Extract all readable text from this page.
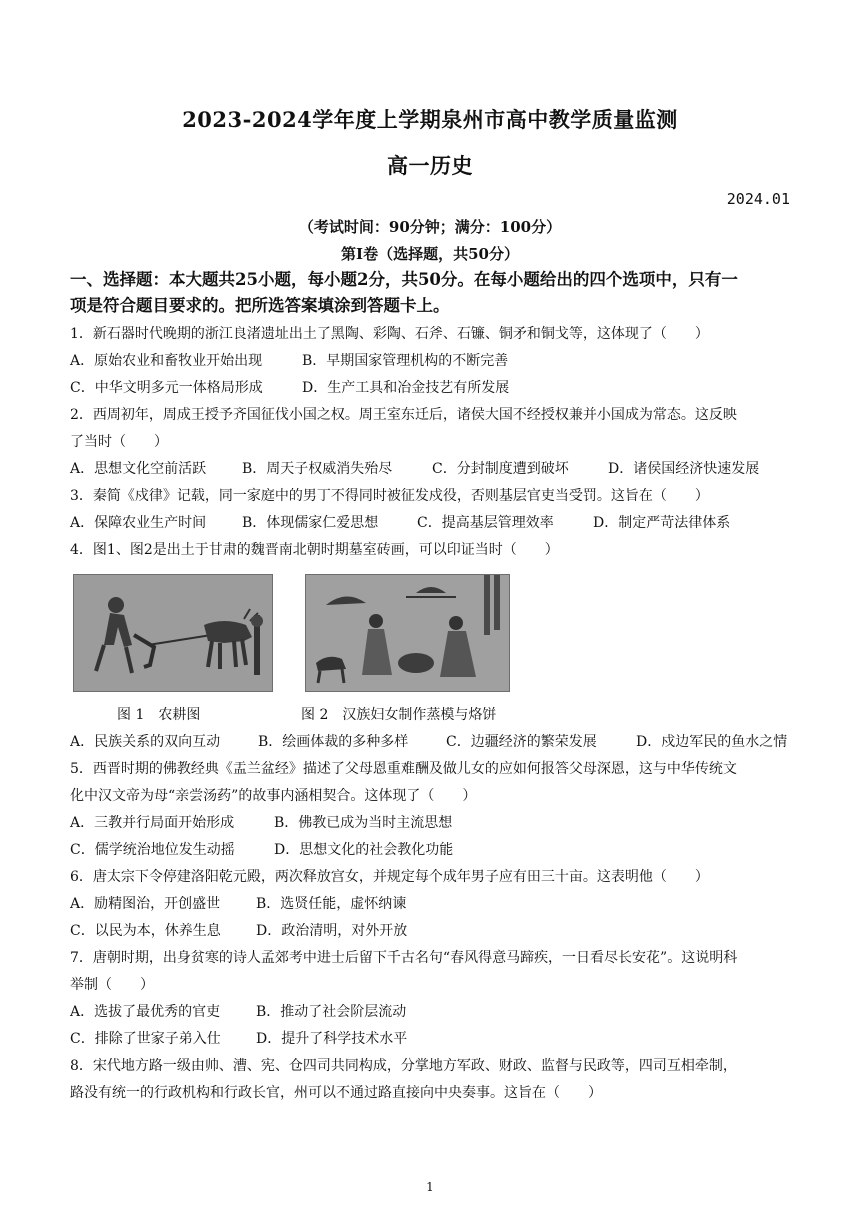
2023-2024学年度上学期泉州市高中教学质量监测
高一历史
2024.01
（考试时间：90分钟；满分：100分）
第Ⅰ卷（选择题，共50分）
一、选择题：本大题共25小题，每小题2分，共50分。在每小题给出的四个选项中，只有一
项是符合题目要求的。把所选答案填涂到答题卡上。
1．新石器时代晚期的浙江良渚遗址出土了黑陶、彩陶、石斧、石镰、铜矛和铜戈等，这体现了（　　）
A．原始农业和畜牧业开始出现	B．早期国家管理机构的不断完善
C．中华文明多元一体格局形成	D．生产工具和冶金技艺有所发展
2．西周初年，周成王授予齐国征伐小国之权。周王室东迁后，诸侯大国不经授权兼并小国成为常态。这反映
了当时（　　）
A．思想文化空前活跃	B．周天子权威消失殆尽	C．分封制度遭到破坏	D．诸侯国经济快速发展
3．秦简《戍律》记载，同一家庭中的男丁不得同时被征发戍役，否则基层官吏当受罚。这旨在（　　）
A．保障农业生产时间	B．体现儒家仁爱思想	C．提高基层管理效率	D．制定严苛法律体系
4．图1、图2是出土于甘肃的魏晋南北朝时期墓室砖画，可以印证当时（　　）
图 1　农耕图	图 2　汉族妇女制作蒸模与烙饼
A．民族关系的双向互动	B．绘画体裁的多种多样	C．边疆经济的繁荣发展	D．戍边军民的鱼水之情
5．西晋时期的佛教经典《盂兰盆经》描述了父母恩重难酬及做儿女的应如何报答父母深恩，这与中华传统文
化中汉文帝为母“亲尝汤药”的故事内涵相契合。这体现了（　　）
A．三教并行局面开始形成	B．佛教已成为当时主流思想
C．儒学统治地位发生动摇	D．思想文化的社会教化功能
6．唐太宗下令停建洛阳乾元殿，两次释放宫女，并规定每个成年男子应有田三十亩。这表明他（　　）
A．励精图治，开创盛世	B．选贤任能，虚怀纳谏
C．以民为本，休养生息	D．政治清明，对外开放
7．唐朝时期，出身贫寒的诗人孟郊考中进士后留下千古名句“春风得意马蹄疾，一日看尽长安花”。这说明科
举制（　　）
A．选拔了最优秀的官吏	B．推动了社会阶层流动
C．排除了世家子弟入仕	D．提升了科学技术水平
8．宋代地方路一级由帅、漕、宪、仓四司共同构成，分掌地方军政、财政、监督与民政等，四司互相牵制，
路没有统一的行政机构和行政长官，州可以不通过路直接向中央奏事。这旨在（　　）
1
